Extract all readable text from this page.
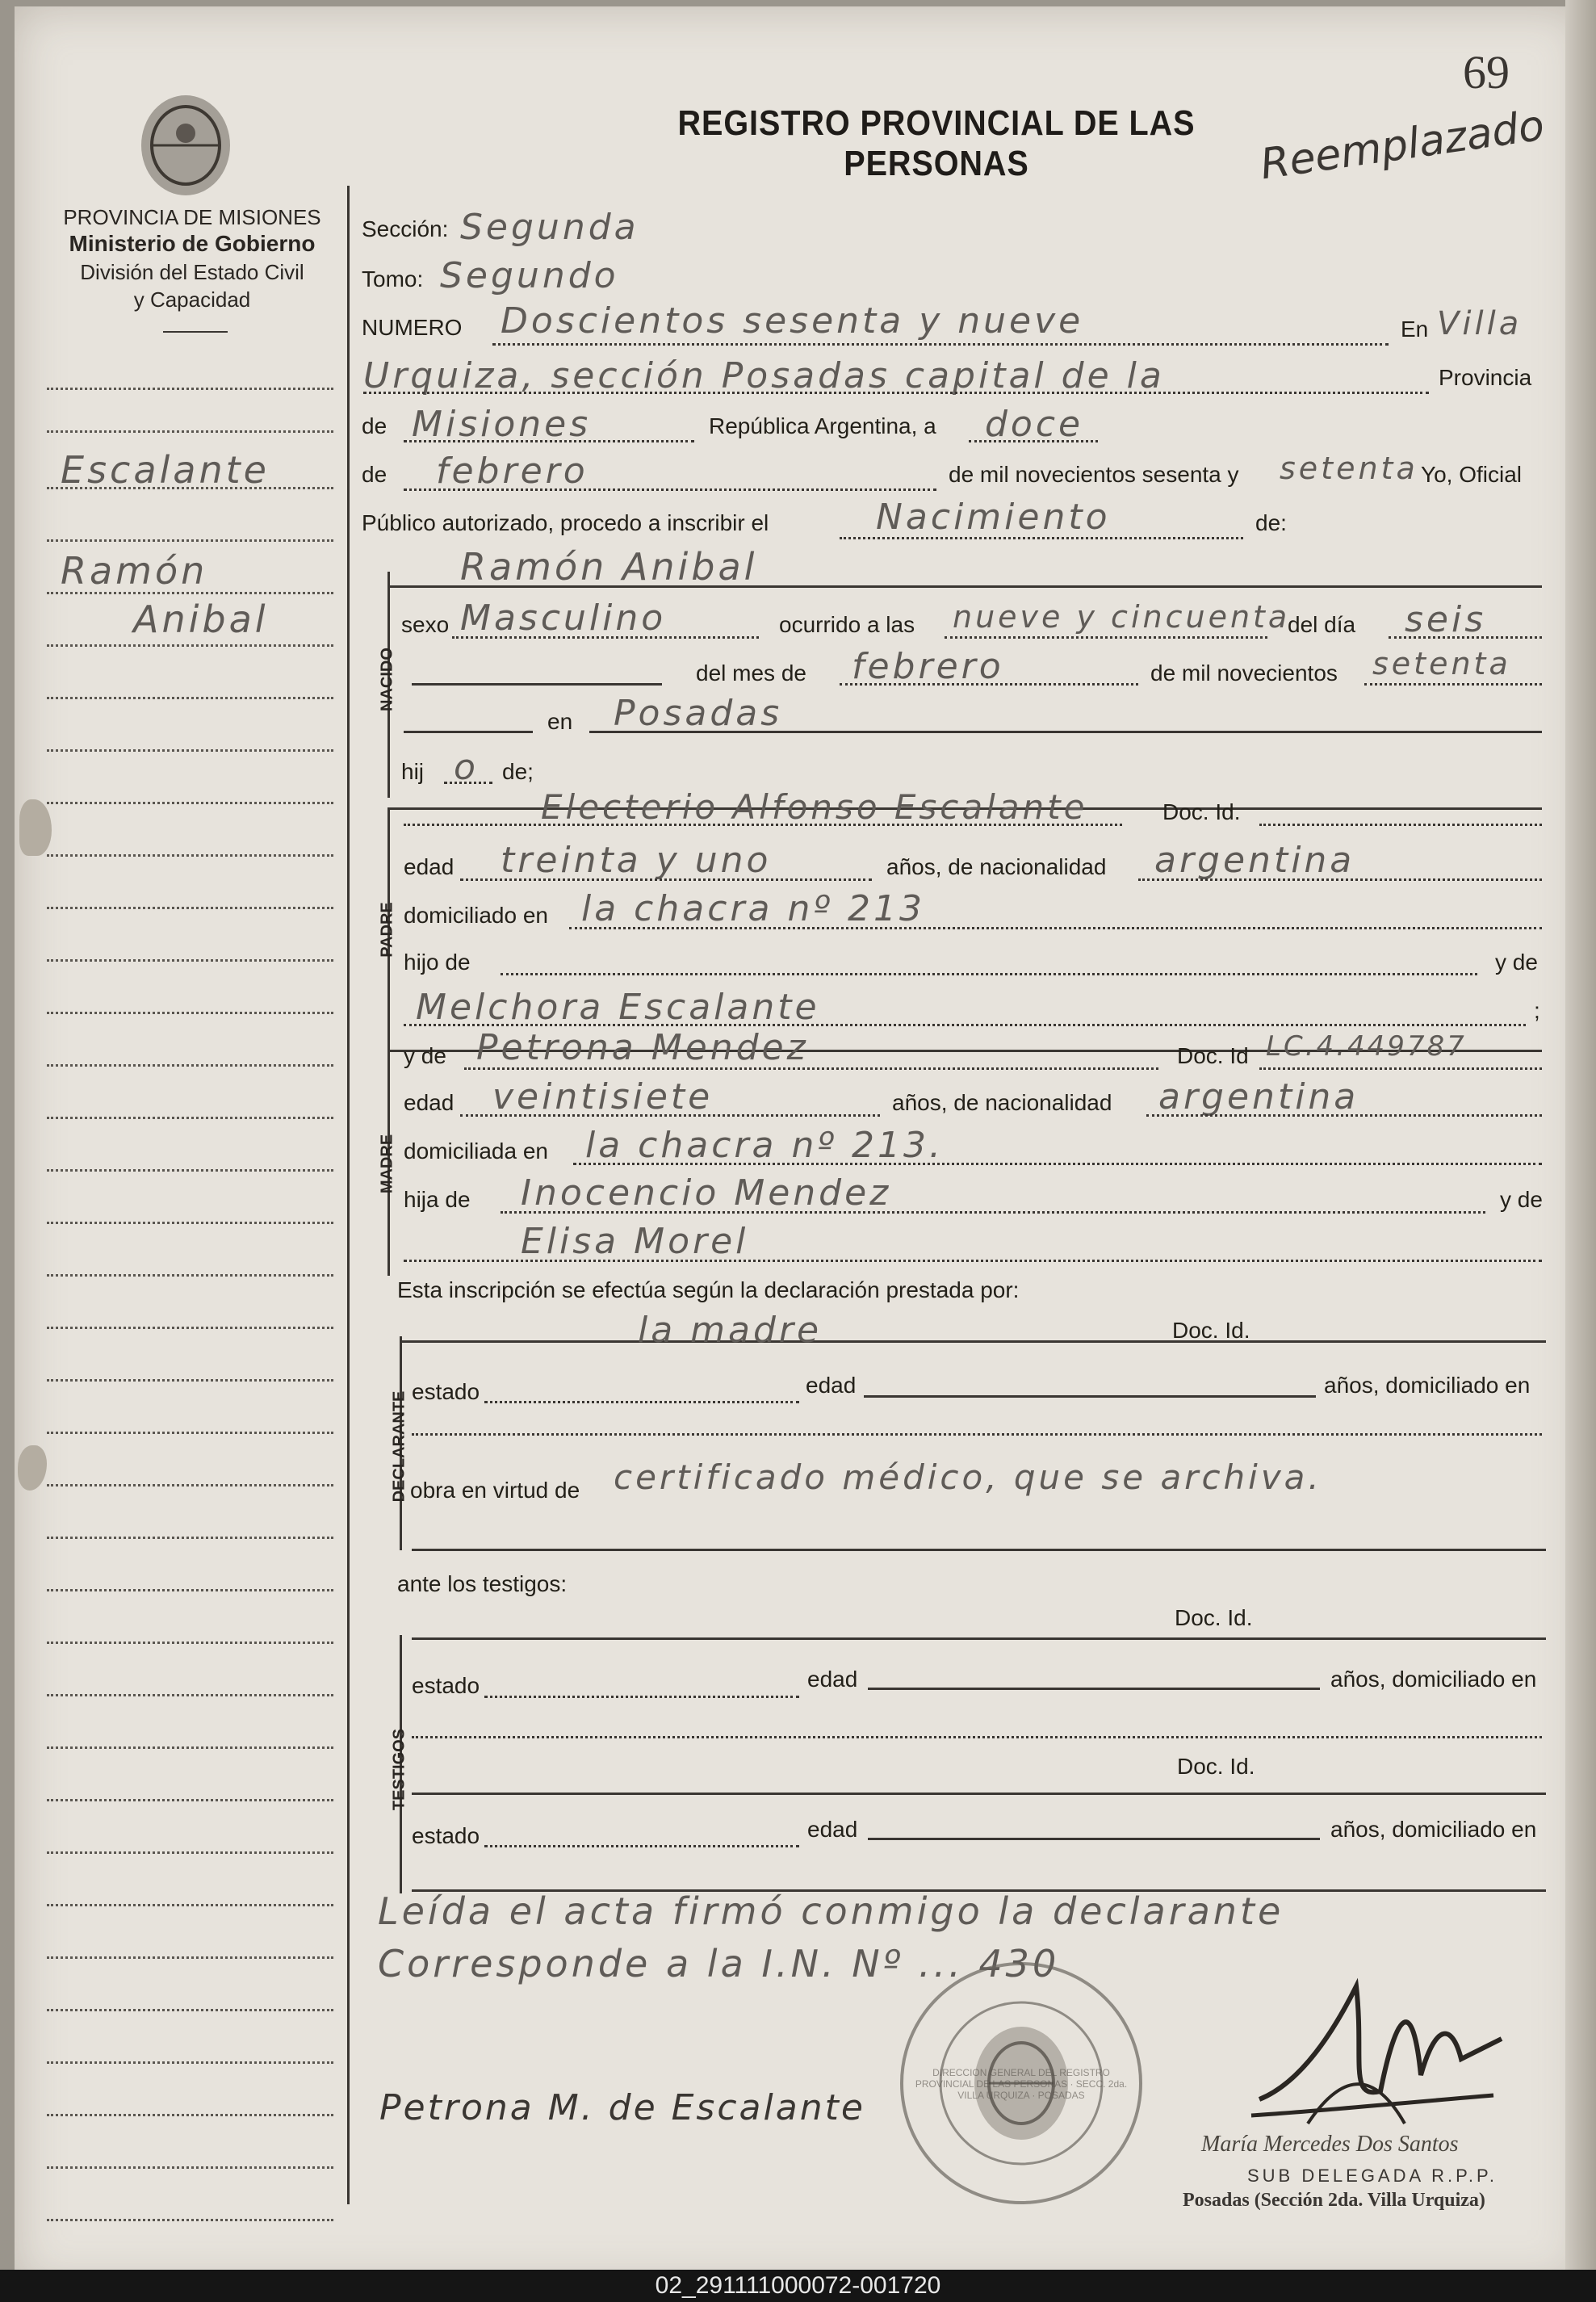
69
Reemplazado
REGISTRO PROVINCIAL DE LAS PERSONAS
PROVINCIA DE MISIONES
Ministerio de Gobierno
División del Estado Civil
y Capacidad
Escalante
Ramón
Anibal
Sección: Segunda
Tomo: Segundo
NUMERO Doscientos sesenta y nueve	En Villa
Urquiza, sección Posadas capital de la	Provincia
de Misiones	República Argentina, a doce
de febrero	de mil novecientos sesenta y setenta Yo, Oficial
Público autorizado, procedo a inscribir el	Nacimiento	de:
Ramón Anibal
NACIDO
sexo Masculino	ocurrido a las nueve y cincuenta
del día seis
del mes de febrero	de mil novecientos setenta
en Posadas
hij o de;
PADRE
Electerio Alfonso Escalante	Doc. Id.
edad treinta y uno	años, de nacionalidad argentina
domiciliado en la chacra nº 213
hijo de	y de
Melchora Escalante	;
MADRE
y de Petrona Mendez	Doc. Id LC.4.449787
edad veintisiete	años, de nacionalidad argentina
domiciliada en la chacra nº 213.
hija de Inocencio Mendez	y de
Elisa Morel
Esta inscripción se efectúa según la declaración prestada por:
DECLARANTE
la madre	Doc. Id.
estado	edad	años, domiciliado en
obra en virtud de certificado médico, que se archiva.
ante los testigos:
TESTIGOS
Doc. Id.
estado	edad	años, domiciliado en
Doc. Id.
estado	edad	años, domiciliado en
Leída el acta firmó conmigo la declarante
Corresponde a la I.N. Nº ... 430
DIRECCION GENERAL DEL REGISTRO PROVINCIAL DE LAS PERSONAS · SECC. 2da. VILLA URQUIZA · POSADAS
Petrona M. de Escalante
María Mercedes Dos Santos
SUB DELEGADA R.P.P.
Posadas (Sección 2da. Villa Urquiza)
02_291111000072-001720
